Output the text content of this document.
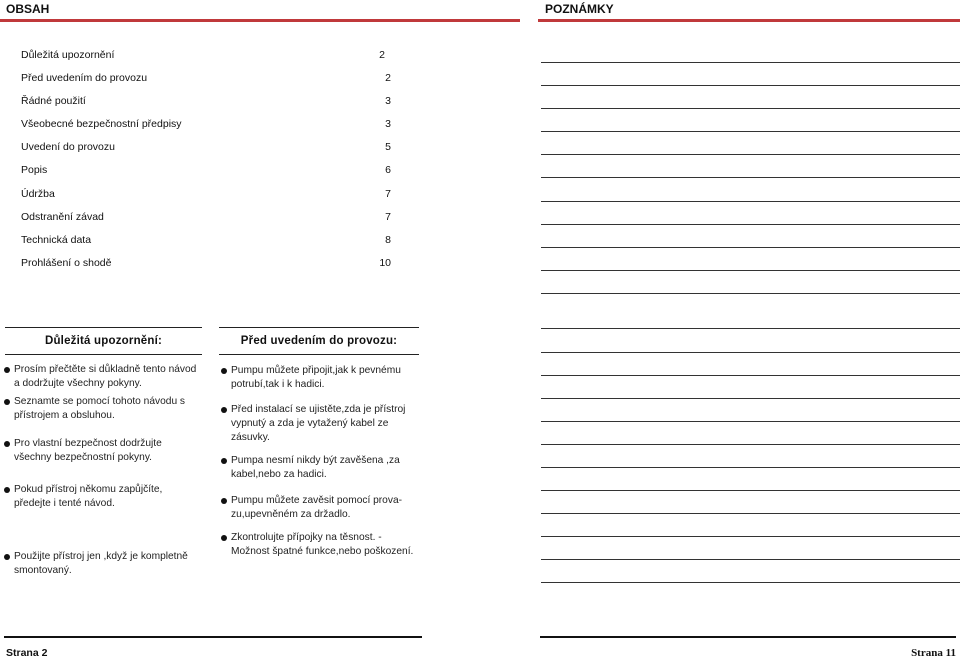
OBSAH	POZNÁMKY
Důležitá upozornění	2
Před uvedením do provozu	2
Řádné použití	3
Všeobecné bezpečnostní předpisy	3
Uvedení do provozu	5
Popis	6
Údržba	7
Odstranění závad	7
Technická data	8
Prohlášení o shodě	10
Důležitá upozornění:	Před uvedením do provozu:
Prosím přečtěte si důkladně tento návod
a dodržujte všechny pokyny.
Seznamte se pomocí tohoto návodu s
přístrojem a obsluhou.
Pro vlastní bezpečnost dodržujte
všechny bezpečnostní pokyny.
Pokud přístroj někomu zapůjčíte,
předejte i tenté návod.
Použijte přístroj jen ,když je kompletně
smontovaný.
Pumpu můžete připojit,jak k pevnému
potrubí,tak i k hadici.
Před instalací se ujistěte,zda je přístroj
vypnutý a zda je vytažený kabel ze
zásuvky.
Pumpa nesmí nikdy být zavěšena ,za
kabel,nebo za hadici.
Pumpu můžete zavěsit pomocí prova-
zu,upevněném za držadlo.
Zkontrolujte přípojky na těsnost. -
Možnost špatné funkce,nebo poškození.
Strana 2	Strana 11
